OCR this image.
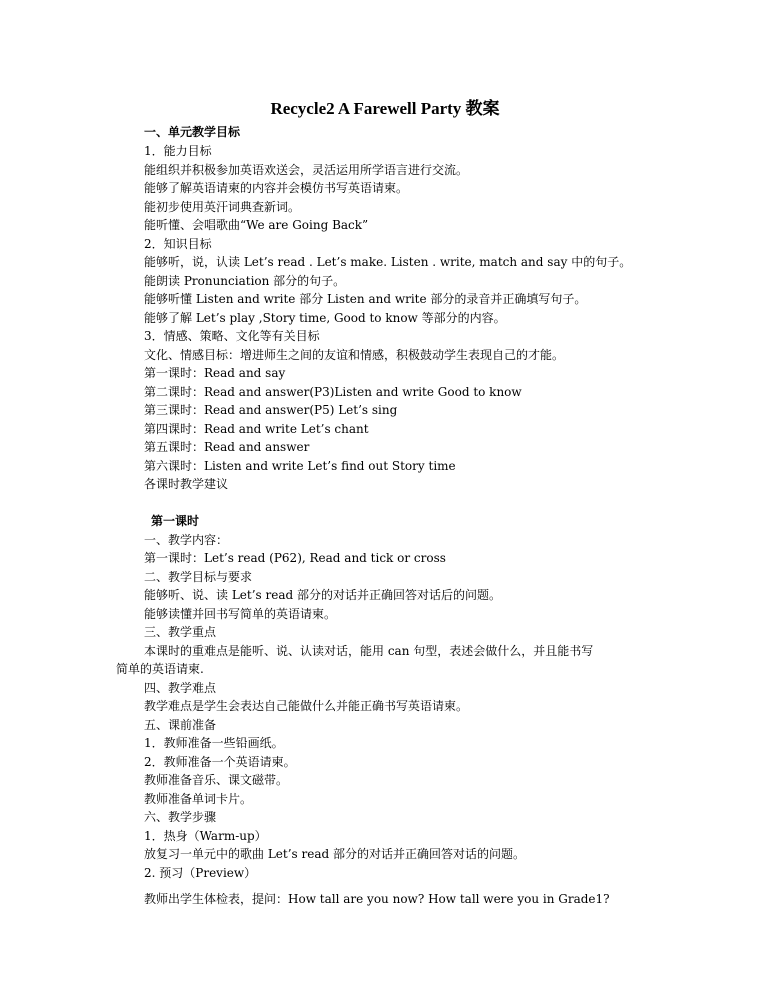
Recycle2 A Farewell Party 教案
一、单元教学目标
1．能力目标
能组织并积极参加英语欢送会，灵活运用所学语言进行交流。
能够了解英语请柬的内容并会模仿书写英语请柬。
能初步使用英汗词典查新词。
能听懂、会唱歌曲“We are Going Back”
2．知识目标
能够听，说，认读 Let’s read . Let’s make. Listen . write, match and say 中的句子。
能朗读 Pronunciation 部分的句子。
能够听懂 Listen and write 部分 Listen and write 部分的录音并正确填写句子。
能够了解 Let’s play ,Story time, Good to know 等部分的内容。
3．情感、策略、文化等有关目标
文化、情感目标：增进师生之间的友谊和情感，积极鼓动学生表现自己的才能。
第一课时：Read and say
第二课时：Read and answer(P3)Listen and write Good to know
第三课时：Read and answer(P5) Let’s sing
第四课时：Read and write Let’s chant
第五课时：Read and answer
第六课时：Listen and write Let’s find out Story time
各课时教学建议
第一课时
一、教学内容：
第一课时：Let’s read (P62), Read and tick or cross
二、教学目标与要求
能够听、说、读 Let’s read 部分的对话并正确回答对话后的问题。
能够读懂并回书写简单的英语请柬。
三、教学重点
本课时的重难点是能听、说、认读对话，能用 can 句型，表述会做什么，并且能书写
简单的英语请柬.
四、教学难点
教学难点是学生会表达自己能做什么并能正确书写英语请柬。
五、课前准备
1．教师准备一些铅画纸。
2．教师准备一个英语请柬。
教师准备音乐、课文磁带。
教师准备单词卡片。
六、教学步骤
1．热身（Warm-up）
放复习一单元中的歌曲 Let’s read 部分的对话并正确回答对话的问题。
2. 预习（Preview）
教师出学生体检表，提问：How tall are you now? How tall were you in Grade1?
